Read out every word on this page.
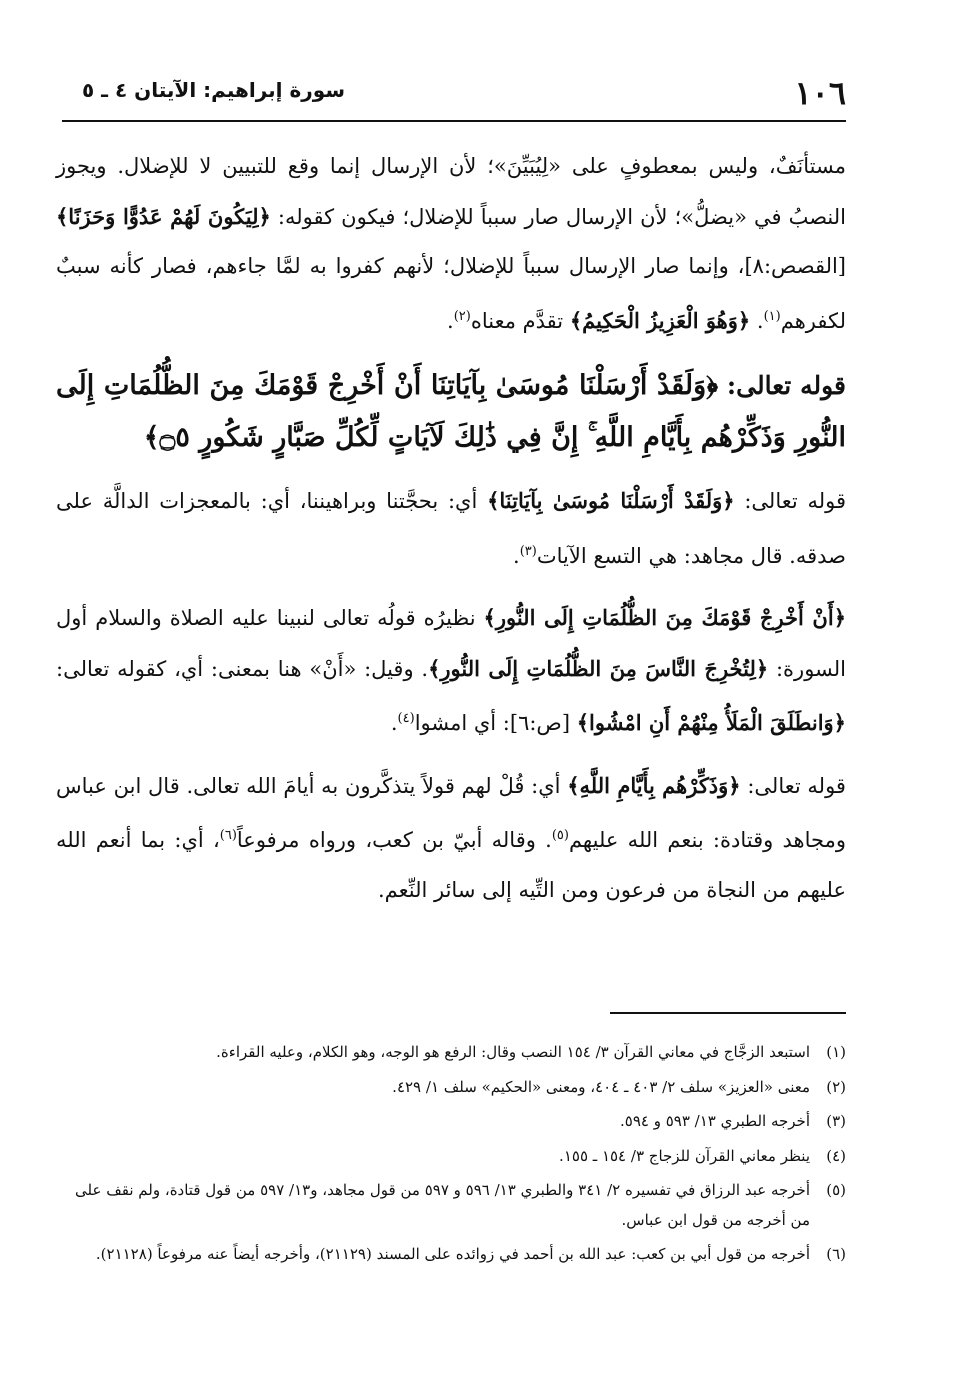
١٠٦
سورة إبراهيم: الآيتان ٤ ـ ٥

مستأنَفٌ، وليس بمعطوفٍ على «لِيُبَيِّنَ»؛ لأن الإرسال إنما وقع للتبيين لا للإضلال. ويجوز النصبُ في «يضلُّ»؛ لأن الإرسال صار سبباً للإضلال؛ فيكون كقوله: ﴿لِيَكُونَ لَهُمْ عَدُوًّا وَحَزَنًا﴾ [القصص:٨]، وإنما صار الإرسال سبباً للإضلال؛ لأنهم كفروا به لمَّا جاءهم، فصار كأنه سببٌ لكفرهم$^{(١)}$. ﴿وَهُوَ الْعَزِيزُ الْحَكِيمُ﴾ تقدَّم معناه$^{(٢)}$.

قوله تعالى: ﴿وَلَقَدْ أَرْسَلْنَا مُوسَىٰ بِآيَاتِنَا أَنْ أَخْرِجْ قَوْمَكَ مِنَ الظُّلُمَاتِ إِلَى النُّورِ وَذَكِّرْهُم بِأَيَّامِ اللَّهِ ۚ إِنَّ فِي ذَٰلِكَ لَآيَاتٍ لِّكُلِّ صَبَّارٍ شَكُورٍ ۝٥﴾

قوله تعالى: ﴿وَلَقَدْ أَرْسَلْنَا مُوسَىٰ بِآيَاتِنَا﴾ أي: بحجَّتنا وبراهيننا، أي: بالمعجزات الدالَّة على صدقه. قال مجاهد: هي التسع الآيات$^{(٣)}$.

﴿أَنْ أَخْرِجْ قَوْمَكَ مِنَ الظُّلُمَاتِ إِلَى النُّورِ﴾ نظيرُه قولُه تعالى لنبينا عليه الصلاة والسلام أول السورة: ﴿لِتُخْرِجَ النَّاسَ مِنَ الظُّلُمَاتِ إِلَى النُّورِ﴾. وقيل: «أَنْ» هنا بمعنى: أي، كقوله تعالى: ﴿وَانطَلَقَ الْمَلَأُ مِنْهُمْ أَنِ امْشُوا﴾ [ص:٦]: أي امشوا$^{(٤)}$.

قوله تعالى: ﴿وَذَكِّرْهُم بِأَيَّامِ اللَّهِ﴾ أي: قُلْ لهم قولاً يتذكَّرون به أيامَ الله تعالى. قال ابن عباس ومجاهد وقتادة: بنعم الله عليهم$^{(٥)}$. وقاله أبيّ بن كعب، ورواه مرفوعاً$^{(٦)}$، أي: بما أنعم الله عليهم من النجاة من فرعون ومن التِّيه إلى سائر النِّعم.

(١)
استبعد الزجَّاج في معاني القرآن ٣/ ١٥٤ النصب وقال: الرفع هو الوجه، وهو الكلام، وعليه القراءة.
(٢)
معنى «العزيز» سلف ٢/ ٤٠٣ ـ ٤٠٤، ومعنى «الحكيم» سلف ١/ ٤٢٩.
(٣)
أخرجه الطبري ١٣/ ٥٩٣ و ٥٩٤.
(٤)
ينظر معاني القرآن للزجاج ٣/ ١٥٤ ـ ١٥٥.
(٥)
أخرجه عبد الرزاق في تفسيره ٢/ ٣٤١ والطبري ١٣/ ٥٩٦ و ٥٩٧ من قول مجاهد، و١٣/ ٥٩٧ من قول قتادة، ولم نقف على من أخرجه من قول ابن عباس.
(٦)
أخرجه من قول أبي بن كعب: عبد الله بن أحمد في زوائده على المسند (٢١١٢٩)، وأخرجه أيضاً عنه مرفوعاً (٢١١٢٨).
